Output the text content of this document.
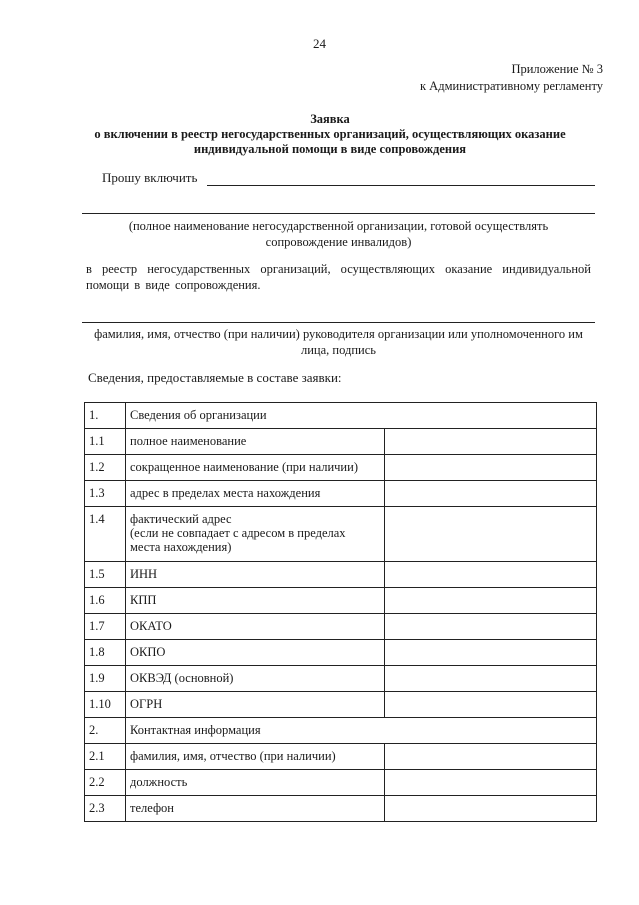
24
Приложение № 3
к Административному регламенту
Заявка
о включении в реестр негосударственных организаций, осуществляющих оказание
индивидуальной помощи в виде сопровождения
Прошу включить
(полное наименование негосударственной организации, готовой осуществлять
сопровождение инвалидов)
в реестр негосударственных организаций, осуществляющих оказание индивидуальной помощи в виде сопровождения.
фамилия, имя, отчество (при наличии) руководителя организации или уполномоченного им
лица, подпись
Сведения, предоставляемые в составе заявки:
1.	Сведения об организации	
1.1	полное наименование	
1.2	сокращенное наименование (при наличии)	
1.3	адрес в пределах места нахождения	
1.4	фактический адрес
(если не совпадает с адресом в пределах
места нахождения)	

1.5	ИНН	
1.6	КПП	
1.7	ОКАТО	
1.8	ОКПО	
1.9	ОКВЭД (основной)	
1.10	ОГРН	
2.	Контактная информация	
2.1	фамилия, имя, отчество (при наличии)	
2.2	должность	
2.3	телефон	
